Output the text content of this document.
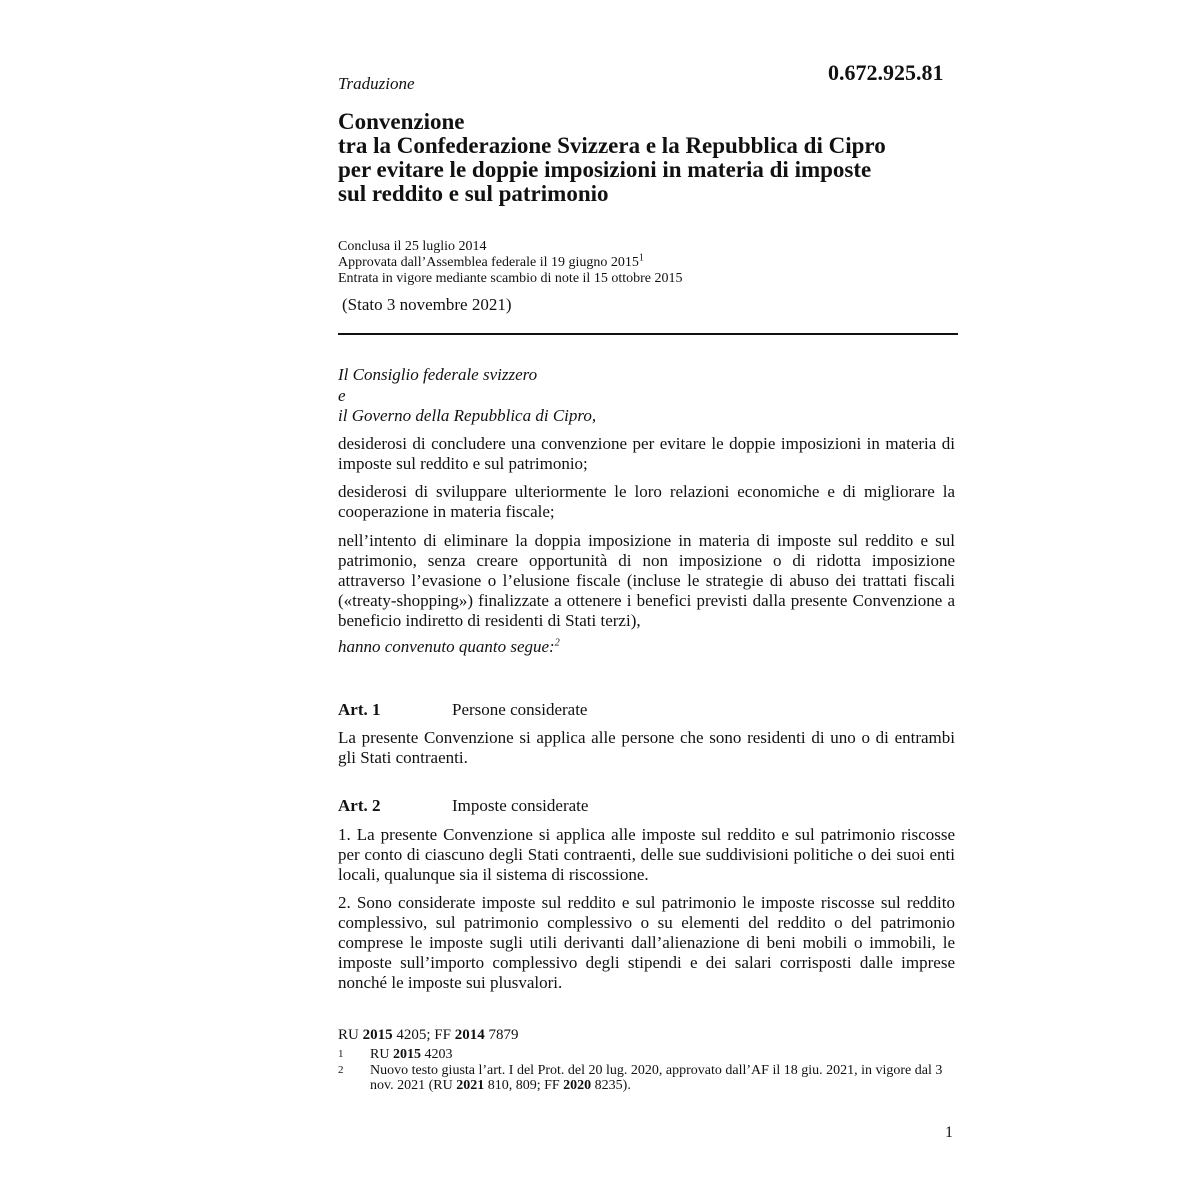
Traduzione	0.672.925.81
Convenzione
tra la Confederazione Svizzera e la Repubblica di Cipro
per evitare le doppie imposizioni in materia di imposte
sul reddito e sul patrimonio
Conclusa il 25 luglio 2014
Approvata dall’Assemblea federale il 19 giugno 2015$^1$
Entrata in vigore mediante scambio di note il 15 ottobre 2015
(Stato 3 novembre 2021)
Il Consiglio federale svizzero
e
il Governo della Repubblica di Cipro,
desiderosi di concludere una convenzione per evitare le doppie imposizioni in materia di imposte sul reddito e sul patrimonio;
desiderosi di sviluppare ulteriormente le loro relazioni economiche e di migliorare la cooperazione in materia fiscale;
nell’intento di eliminare la doppia imposizione in materia di imposte sul reddito e sul patrimonio, senza creare opportunità di non imposizione o di ridotta imposizione attraverso l’evasione o l’elusione fiscale (incluse le strategie di abuso dei trattati fiscali («treaty-shopping») finalizzate a ottenere i benefici previsti dalla presente Convenzione a beneficio indiretto di residenti di Stati terzi),
hanno convenuto quanto segue:$^2$
Art. 1	Persone considerate
La presente Convenzione si applica alle persone che sono residenti di uno o di entrambi gli Stati contraenti.
Art. 2	Imposte considerate
1. La presente Convenzione si applica alle imposte sul reddito e sul patrimonio riscosse per conto di ciascuno degli Stati contraenti, delle sue suddivisioni politiche o dei suoi enti locali, qualunque sia il sistema di riscossione.
2. Sono considerate imposte sul reddito e sul patrimonio le imposte riscosse sul reddito complessivo, sul patrimonio complessivo o su elementi del reddito o del patrimonio comprese le imposte sugli utili derivanti dall’alienazione di beni mobili o immobili, le imposte sull’importo complessivo degli stipendi e dei salari corrisposti dalle imprese nonché le imposte sui plusvalori.
RU 2015 4205; FF 2014 7879
1 RU 2015 4203
2 Nuovo testo giusta l’art. I del Prot. del 20 lug. 2020, approvato dall’AF il 18 giu. 2021, in vigore dal 3 nov. 2021 (RU 2021 810, 809; FF 2020 8235).
1
